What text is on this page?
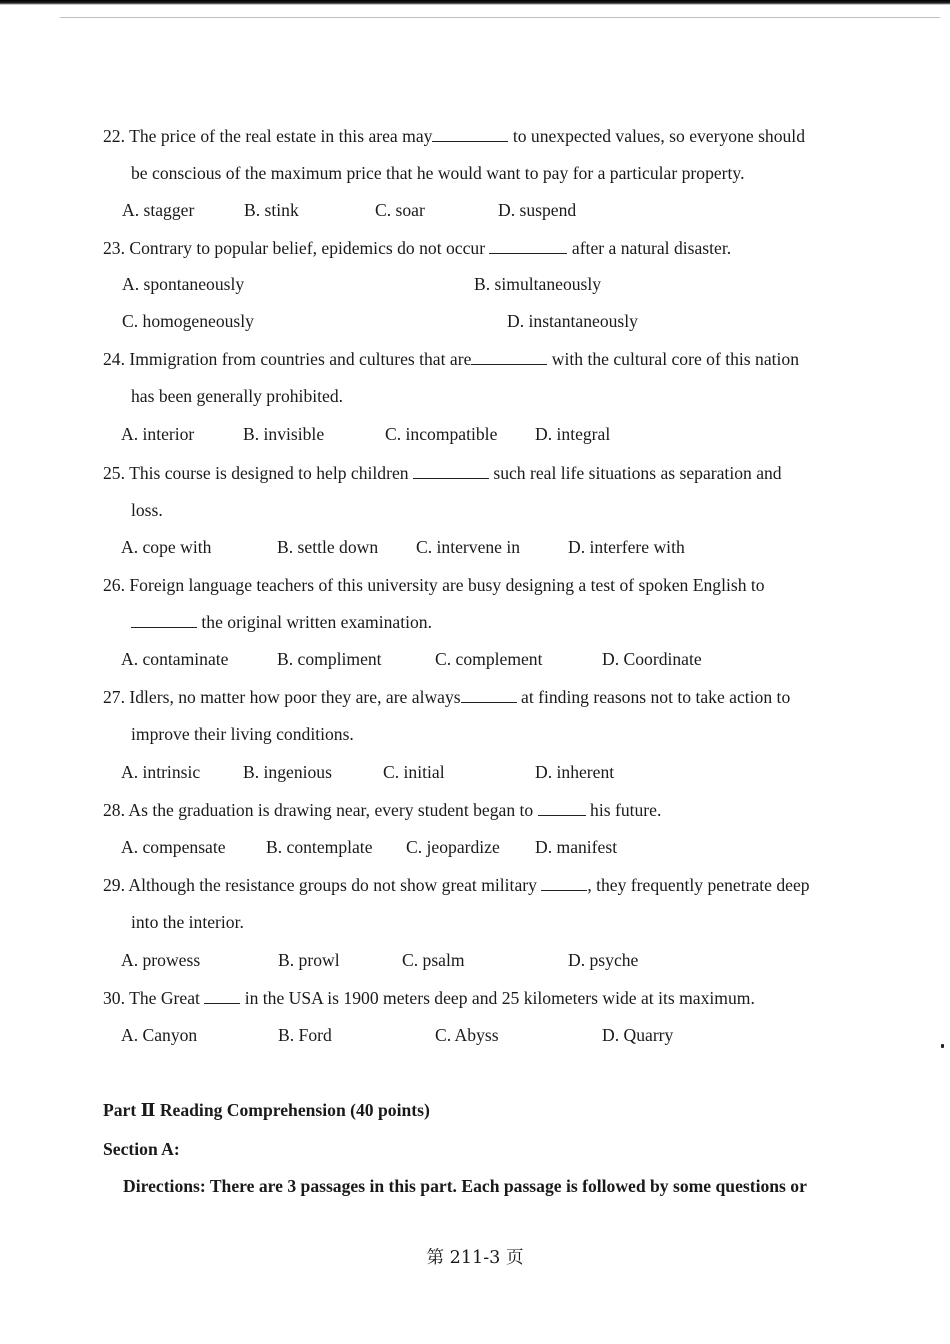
22. The price of the real estate in this area may	to unexpected values, so everyone should

be conscious of the maximum price that he would want to pay for a particular property.

A. stagger	B. stink	C. soar	D. suspend

23. Contrary to popular belief, epidemics do not occur	after a natural disaster.

A. spontaneously	B. simultaneously
C. homogeneously	D. instantaneously

24. Immigration from countries and cultures that are	with the cultural core of this nation

has been generally prohibited.

A. interior	B. invisible	C. incompatible D. integral

25. This course is designed to help children	such real life situations as separation and

loss.

A. cope with	B. settle down C. intervene in	D. interfere with

26. Foreign language teachers of this university are busy designing a test of spoken English to

the original written examination.

A. contaminate	B. compliment	C. complement	D. Coordinate

27. Idlers, no matter how poor they are, are always	at finding reasons not to take action to

improve their living conditions.

A. intrinsic B. ingenious	C. initial	D. inherent

28. As the graduation is drawing near, every student began to	his future.

A. compensate B. contemplate C. jeopardize D. manifest

29. Although the resistance groups do not show great military	, they frequently penetrate deep

into the interior.

A. prowess	B. prowl	C. psalm	D. psyche

30. The Great  in the USA is 1900 meters deep and 25 kilometers wide at its maximum.

A. Canyon	B. Ford	C. Abyss	D. Quarry

Part Ⅱ Reading Comprehension (40 points)

Section A:

Directions: There are 3 passages in this part. Each passage is followed by some questions or

第 211-3 页
